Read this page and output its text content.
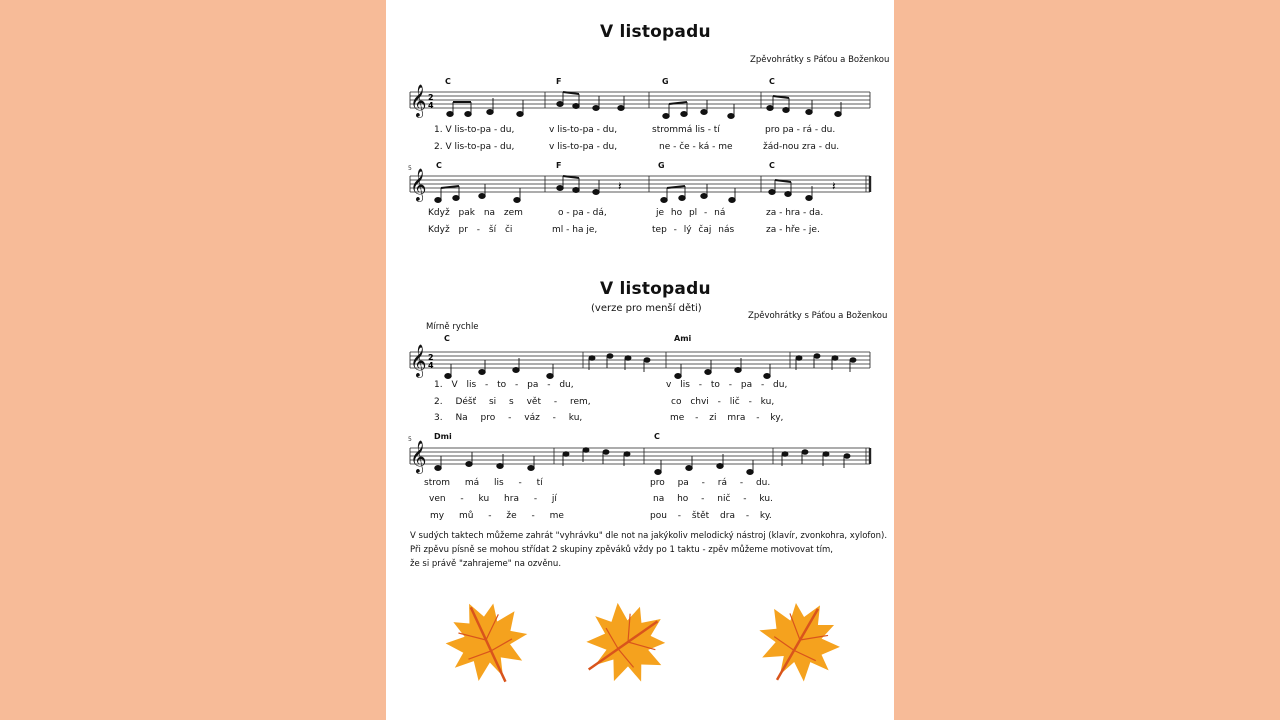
V listopadu
Zpěvohrátky s Páťou a Boženkou
C	F	G	C
𝄞 2
4
1. V lis-to-pa - du,	v lis-to-pa - du,	strommá lis - tí	pro pa - rá - du.
2. V lis-to-pa - du,	v lis-to-pa - du,	ne - če - ká - me	žád-nou zra - du.
5	C	F	G	C
𝄞	𝄽	𝄽
Když pak na zem	o - pa - dá,	je ho pl - ná	za - hra - da.
Když pr - ší či	ml - ha je,	tep - lý čaj nás	za - hře - je.
V listopadu
(verze pro menší děti)
Zpěvohrátky s Páťou a Boženkou
Mírně rychle
C	Ami
𝄞 2
4
1. V lis - to - pa - du,	v lis - to - pa - du,
2. Déšť si s vět - rem,	co chvi - lič - ku,
3. Na pro - váz - ku,	me - zi mra - ky,
5	Dmi	C
𝄞
strom má lis - tí	pro pa - rá - du.
ven - ku hra - jí	na ho - nič - ku.
my mů - že - me	pou - štět dra - ky.
V sudých taktech můžeme zahrát "vyhrávku" dle not na jakýkoliv melodický nástroj (klavír, zvonkohra, xylofon).
Při zpěvu písně se mohou střídat 2 skupiny zpěváků vždy po 1 taktu - zpěv můžeme motivovat tím,
že si právě "zahrajeme" na ozvěnu.
